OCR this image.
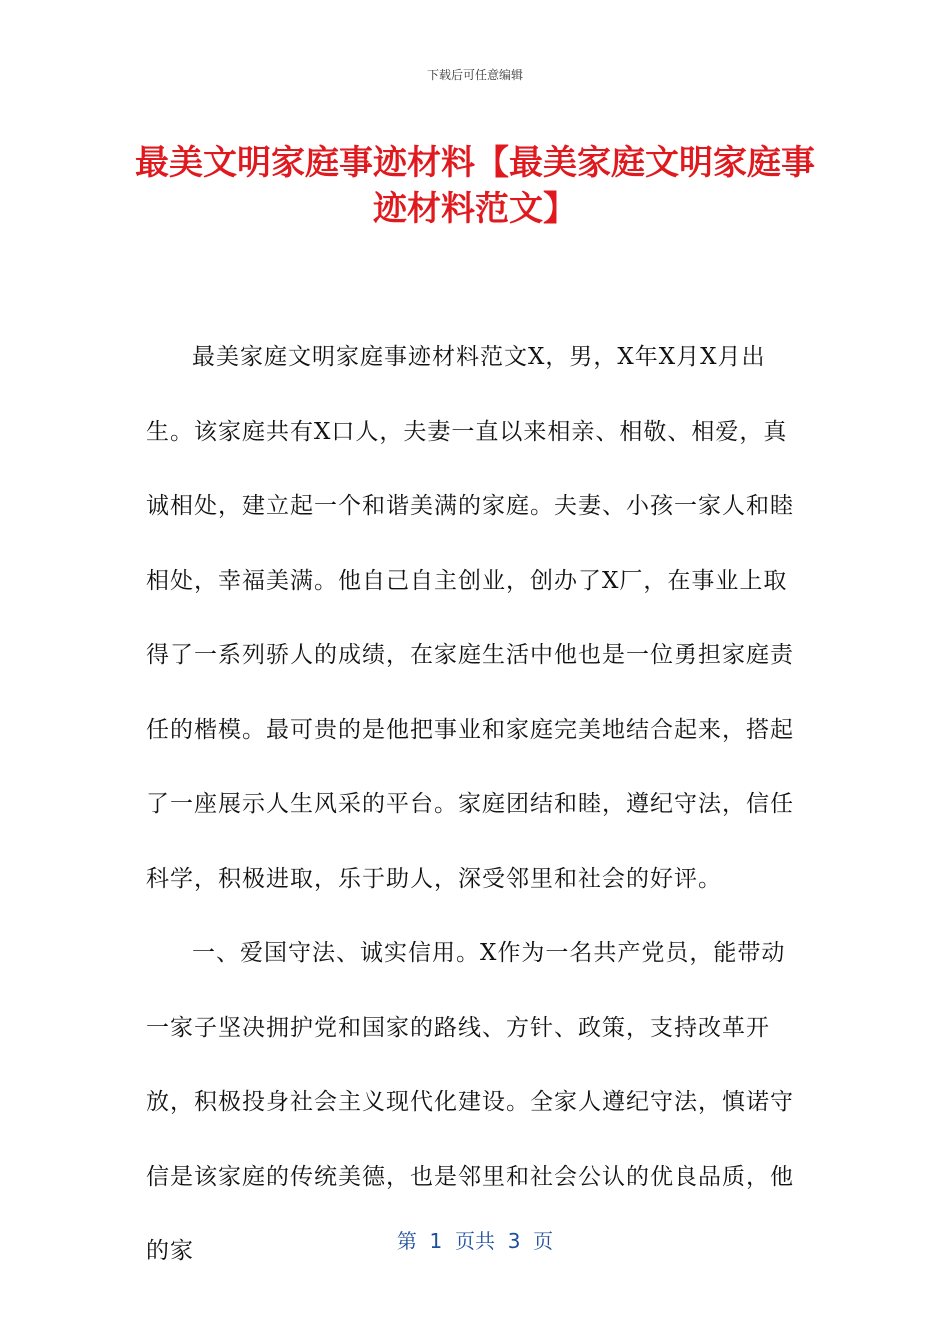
下载后可任意编辑
最美文明家庭事迹材料【最美家庭文明家庭事迹材料范文】

最美家庭文明家庭事迹材料范文X，男，X年X月X月出生。该家庭共有X口人，夫妻一直以来相亲、相敬、相爱，真诚相处，建立起一个和谐美满的家庭。夫妻、小孩一家人和睦相处，幸福美满。他自己自主创业，创办了X厂，在事业上取得了一系列骄人的成绩，在家庭生活中他也是一位勇担家庭责任的楷模。最可贵的是他把事业和家庭完美地结合起来，搭起了一座展示人生风采的平台。家庭团结和睦，遵纪守法，信任科学，积极进取，乐于助人，深受邻里和社会的好评。

一、爱国守法、诚实信用。X作为一名共产党员，能带动一家子坚决拥护党和国家的路线、方针、政策，支持改革开放，积极投身社会主义现代化建设。全家人遵纪守法，慎诺守信是该家庭的传统美德，也是邻里和社会公认的优良品质，他的家	第  1  页共  3  页
